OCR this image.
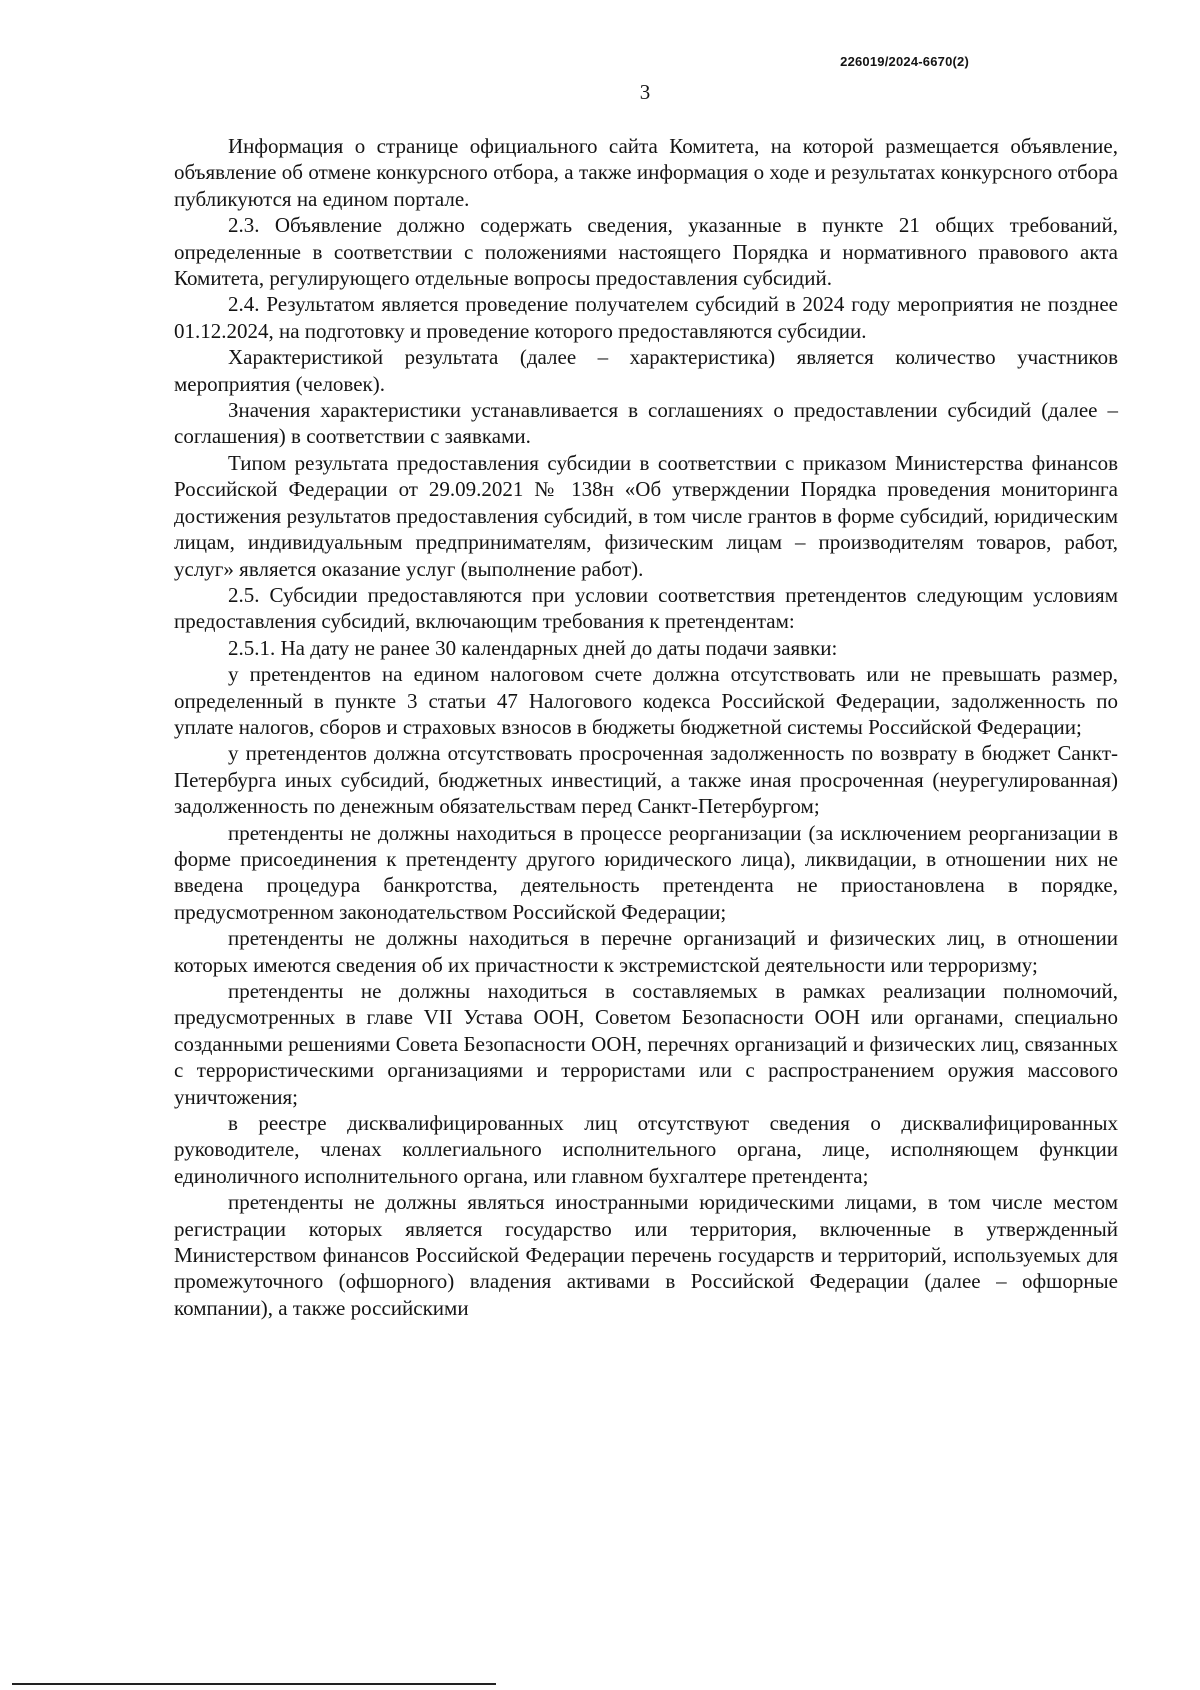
226019/2024-6670(2)
3

Информация о странице официального сайта Комитета, на которой размещается объявление, объявление об отмене конкурсного отбора, а также информация о ходе и результатах конкурсного отбора публикуются на едином портале.

2.3. Объявление должно содержать сведения, указанные в пункте 21 общих требований, определенные в соответствии с положениями настоящего Порядка и нормативного правового акта Комитета, регулирующего отдельные вопросы предоставления субсидий.

2.4. Результатом является проведение получателем субсидий в 2024 году мероприятия не позднее 01.12.2024, на подготовку и проведение которого предоставляются субсидии.

Характеристикой результата (далее – характеристика) является количество участников мероприятия (человек).

Значения характеристики устанавливается в соглашениях о предоставлении субсидий (далее – соглашения) в соответствии с заявками.

Типом результата предоставления субсидии в соответствии с приказом Министерства финансов Российской Федерации от 29.09.2021 № 138н «Об утверждении Порядка проведения мониторинга достижения результатов предоставления субсидий, в том числе грантов в форме субсидий, юридическим лицам, индивидуальным предпринимателям, физическим лицам – производителям товаров, работ, услуг» является оказание услуг (выполнение работ).

2.5. Субсидии предоставляются при условии соответствия претендентов следующим условиям предоставления субсидий, включающим требования к претендентам:

2.5.1. На дату не ранее 30 календарных дней до даты подачи заявки:

у претендентов на едином налоговом счете должна отсутствовать или не превышать размер, определенный в пункте 3 статьи 47 Налогового кодекса Российской Федерации, задолженность по уплате налогов, сборов и страховых взносов в бюджеты бюджетной системы Российской Федерации;

у претендентов должна отсутствовать просроченная задолженность по возврату в бюджет Санкт-Петербурга иных субсидий, бюджетных инвестиций, а также иная просроченная (неурегулированная) задолженность по денежным обязательствам перед Санкт-Петербургом;

претенденты не должны находиться в процессе реорганизации (за исключением реорганизации в форме присоединения к претенденту другого юридического лица), ликвидации, в отношении них не введена процедура банкротства, деятельность претендента не приостановлена в порядке, предусмотренном законодательством Российской Федерации;

претенденты не должны находиться в перечне организаций и физических лиц, в отношении которых имеются сведения об их причастности к экстремистской деятельности или терроризму;

претенденты не должны находиться в составляемых в рамках реализации полномочий, предусмотренных в главе VII Устава ООН, Советом Безопасности ООН или органами, специально созданными решениями Совета Безопасности ООН, перечнях организаций и физических лиц, связанных с террористическими организациями и террористами или с распространением оружия массового уничтожения;

в реестре дисквалифицированных лиц отсутствуют сведения о дисквалифицированных руководителе, членах коллегиального исполнительного органа, лице, исполняющем функции единоличного исполнительного органа, или главном бухгалтере претендента;

претенденты не должны являться иностранными юридическими лицами, в том числе местом регистрации которых является государство или территория, включенные в утвержденный Министерством финансов Российской Федерации перечень государств и территорий, используемых для промежуточного (офшорного) владения активами в Российской Федерации (далее – офшорные компании), а также российскими
